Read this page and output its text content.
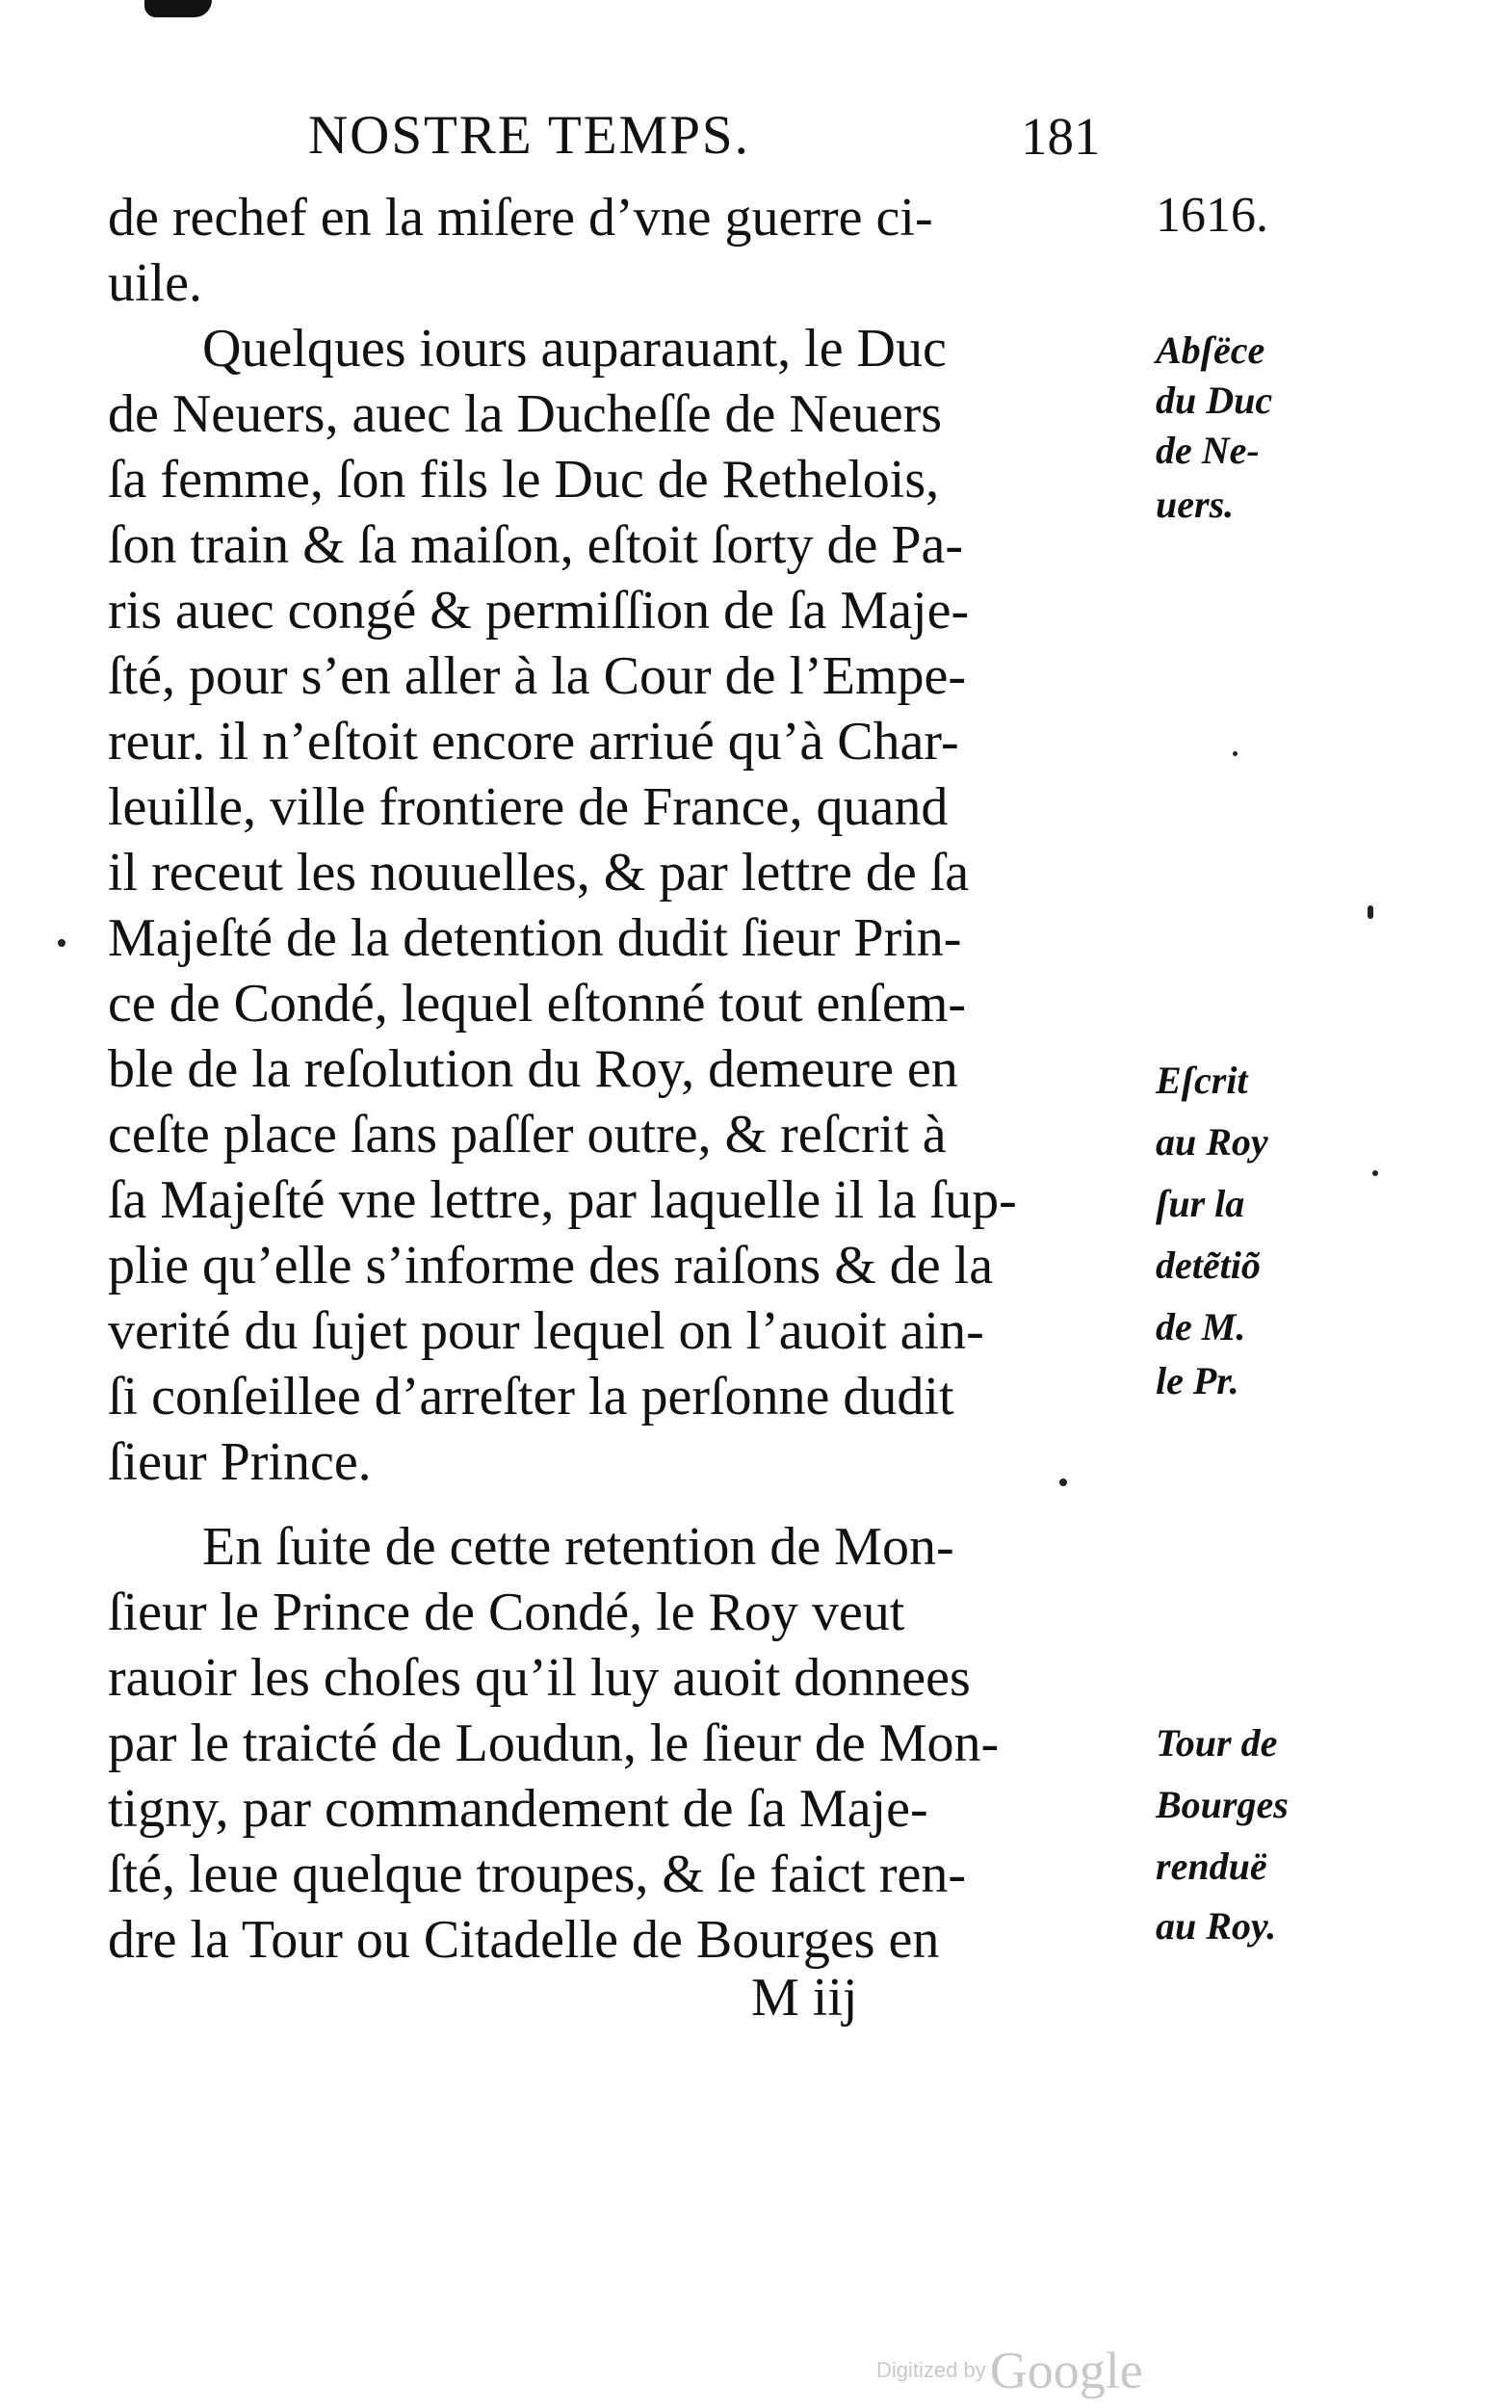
NOSTRE TEMPS.	181
de rechef en la miſere d’vne guerre ci-
uile.
Quelques iours auparauant, le Duc
de Neuers, auec la Ducheſſe de Neuers
ſa femme, ſon fils le Duc de Rethelois,
ſon train & ſa maiſon, eſtoit ſorty de Pa-
ris auec congé & permiſſion de ſa Maje-
ſté, pour s’en aller à la Cour de l’Empe-
reur. il n’eſtoit encore arriué qu’à Char-
leuille, ville frontiere de France, quand
il receut les nouuelles, & par lettre de ſa
Majeſté de la detention dudit ſieur Prin-
ce de Condé, lequel eſtonné tout enſem-
ble de la reſolution du Roy, demeure en
ceſte place ſans paſſer outre, & reſcrit à
ſa Majeſté vne lettre, par laquelle il la ſup-
plie qu’elle s’informe des raiſons & de la
verité du ſujet pour lequel on l’auoit ain-
ſi conſeillee d’arreſter la perſonne dudit
ſieur Prince.
En ſuite de cette retention de Mon-
ſieur le Prince de Condé, le Roy veut
rauoir les choſes qu’il luy auoit donnees
par le traicté de Loudun, le ſieur de Mon-
tigny, par commandement de ſa Maje-
ſté, leue quelque troupes, & ſe faict ren-
dre la Tour ou Citadelle de Bourges en
M iij
1616.
Abſëce
du Duc
de Ne-
uers.
Eſcrit
au Roy
ſur la
detẽtiõ
de M.
le Pr.
Tour de
Bourges
renduë
au Roy.
Digitized byGoogle
